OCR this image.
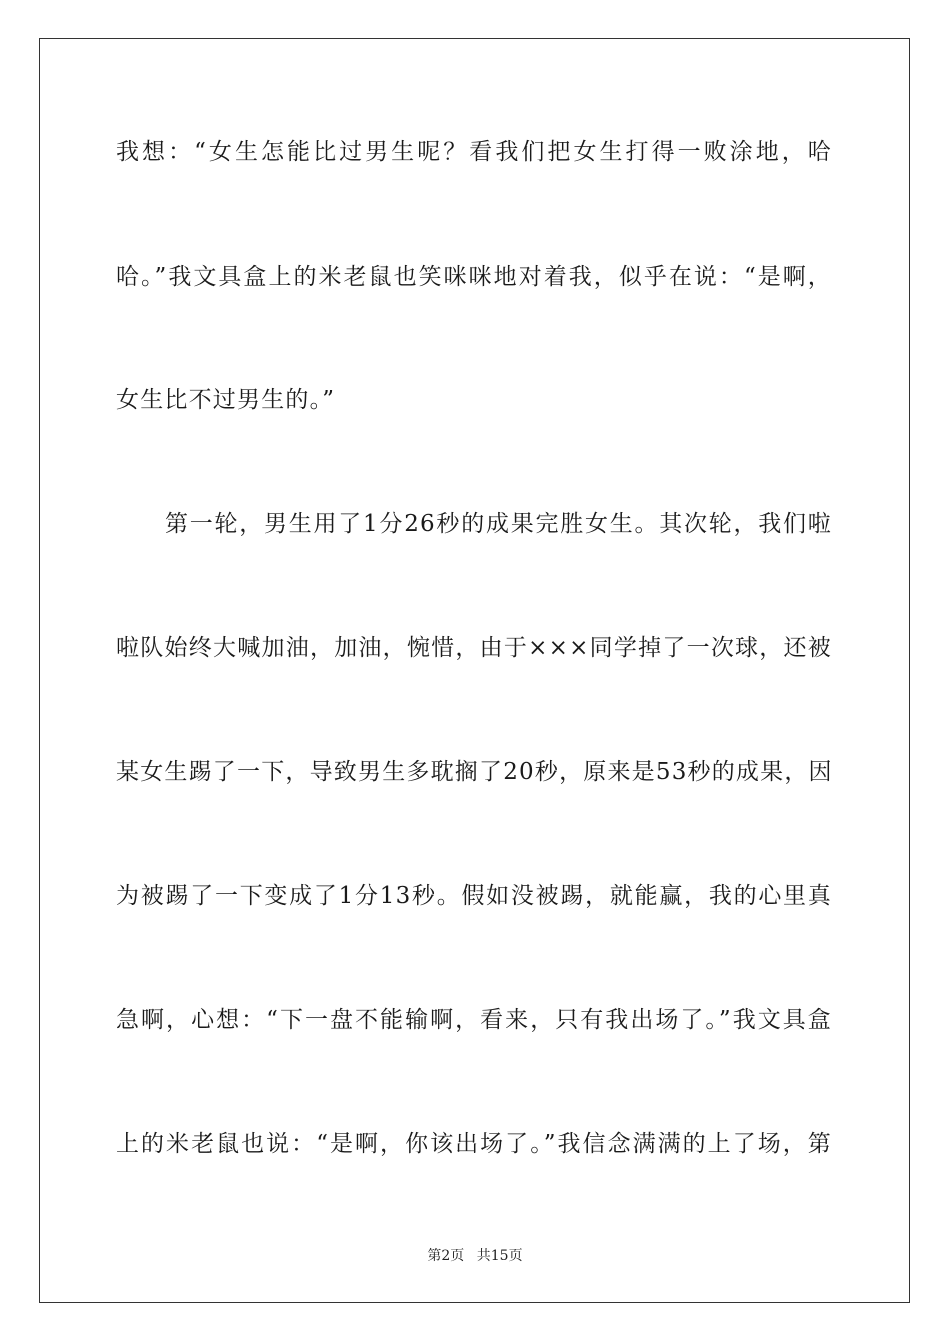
我想：“女生怎能比过男生呢？看我们把女生打得一败涂地，哈
哈。”我文具盒上的米老鼠也笑咪咪地对着我，似乎在说：“是啊，
女生比不过男生的。”
第一轮，男生用了1分26秒的成果完胜女生。其次轮，我们啦
啦队始终大喊加油，加油，惋惜，由于×××同学掉了一次球，还被
某女生踢了一下，导致男生多耽搁了20秒，原来是53秒的成果，因
为被踢了一下变成了1分13秒。假如没被踢，就能赢，我的心里真
急啊，心想：“下一盘不能输啊，看来，只有我出场了。”我文具盒
上的米老鼠也说：“是啊，你该出场了。”我信念满满的上了场，第
第2页 共15页
